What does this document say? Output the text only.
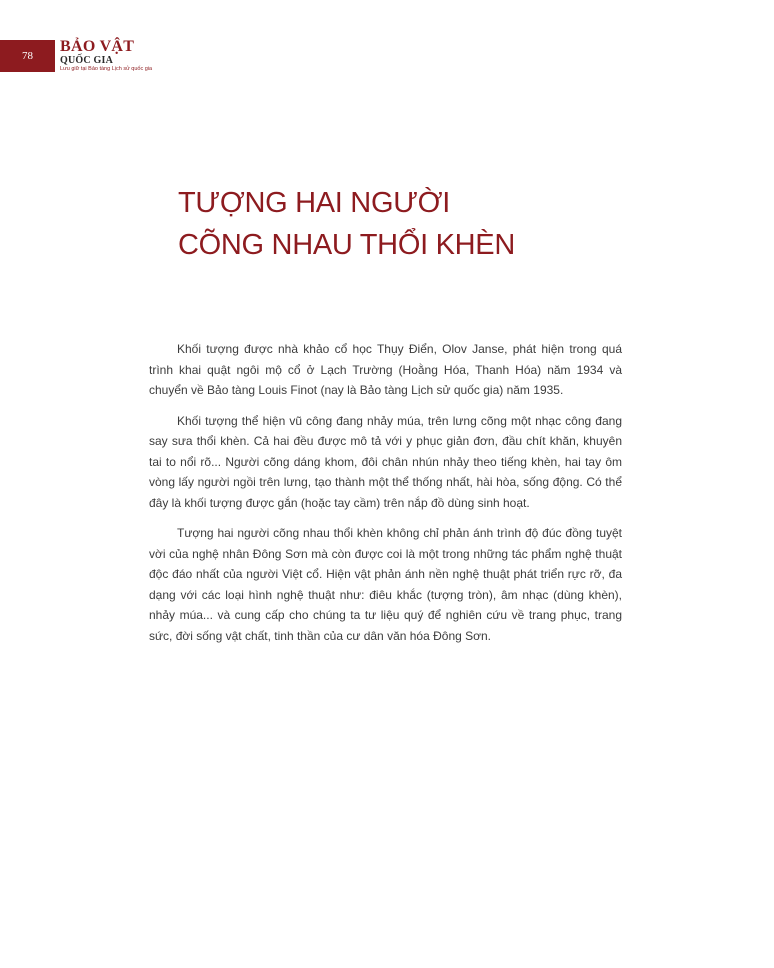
78
BẢO VẬT
QUỐC GIA
Lưu giữ tại Bảo tàng Lịch sử quốc gia
TƯỢNG HAI NGƯỜI
CÕNG NHAU THỔI KHÈN

Khối tượng được nhà khảo cổ học Thụy Điển, Olov Janse, phát hiện trong quá trình khai quật ngôi mộ cổ ở Lạch Trường (Hoằng Hóa, Thanh Hóa) năm 1934 và chuyển về Bảo tàng Louis Finot (nay là Bảo tàng Lịch sử quốc gia) năm 1935.

Khối tượng thể hiện vũ công đang nhảy múa, trên lưng cõng một nhạc công đang say sưa thổi khèn. Cả hai đều được mô tả với y phục giản đơn, đầu chít khăn, khuyên tai to nổi rõ... Người cõng dáng khom, đôi chân nhún nhảy theo tiếng khèn, hai tay ôm vòng lấy người ngồi trên lưng, tạo thành một thể thống nhất, hài hòa, sống động. Có thể đây là khối tượng được gắn (hoặc tay cầm) trên nắp đồ dùng sinh hoạt.

Tượng hai người cõng nhau thổi khèn không chỉ phản ánh trình độ đúc đồng tuyệt vời của nghệ nhân Đông Sơn mà còn được coi là một trong những tác phẩm nghệ thuật độc đáo nhất của người Việt cổ. Hiện vật phản ánh nền nghệ thuật phát triển rực rỡ, đa dạng với các loại hình nghệ thuật như: điêu khắc (tượng tròn), âm nhạc (dùng khèn), nhảy múa... và cung cấp cho chúng ta tư liệu quý để nghiên cứu về trang phục, trang sức, đời sống vật chất, tinh thần của cư dân văn hóa Đông Sơn.
